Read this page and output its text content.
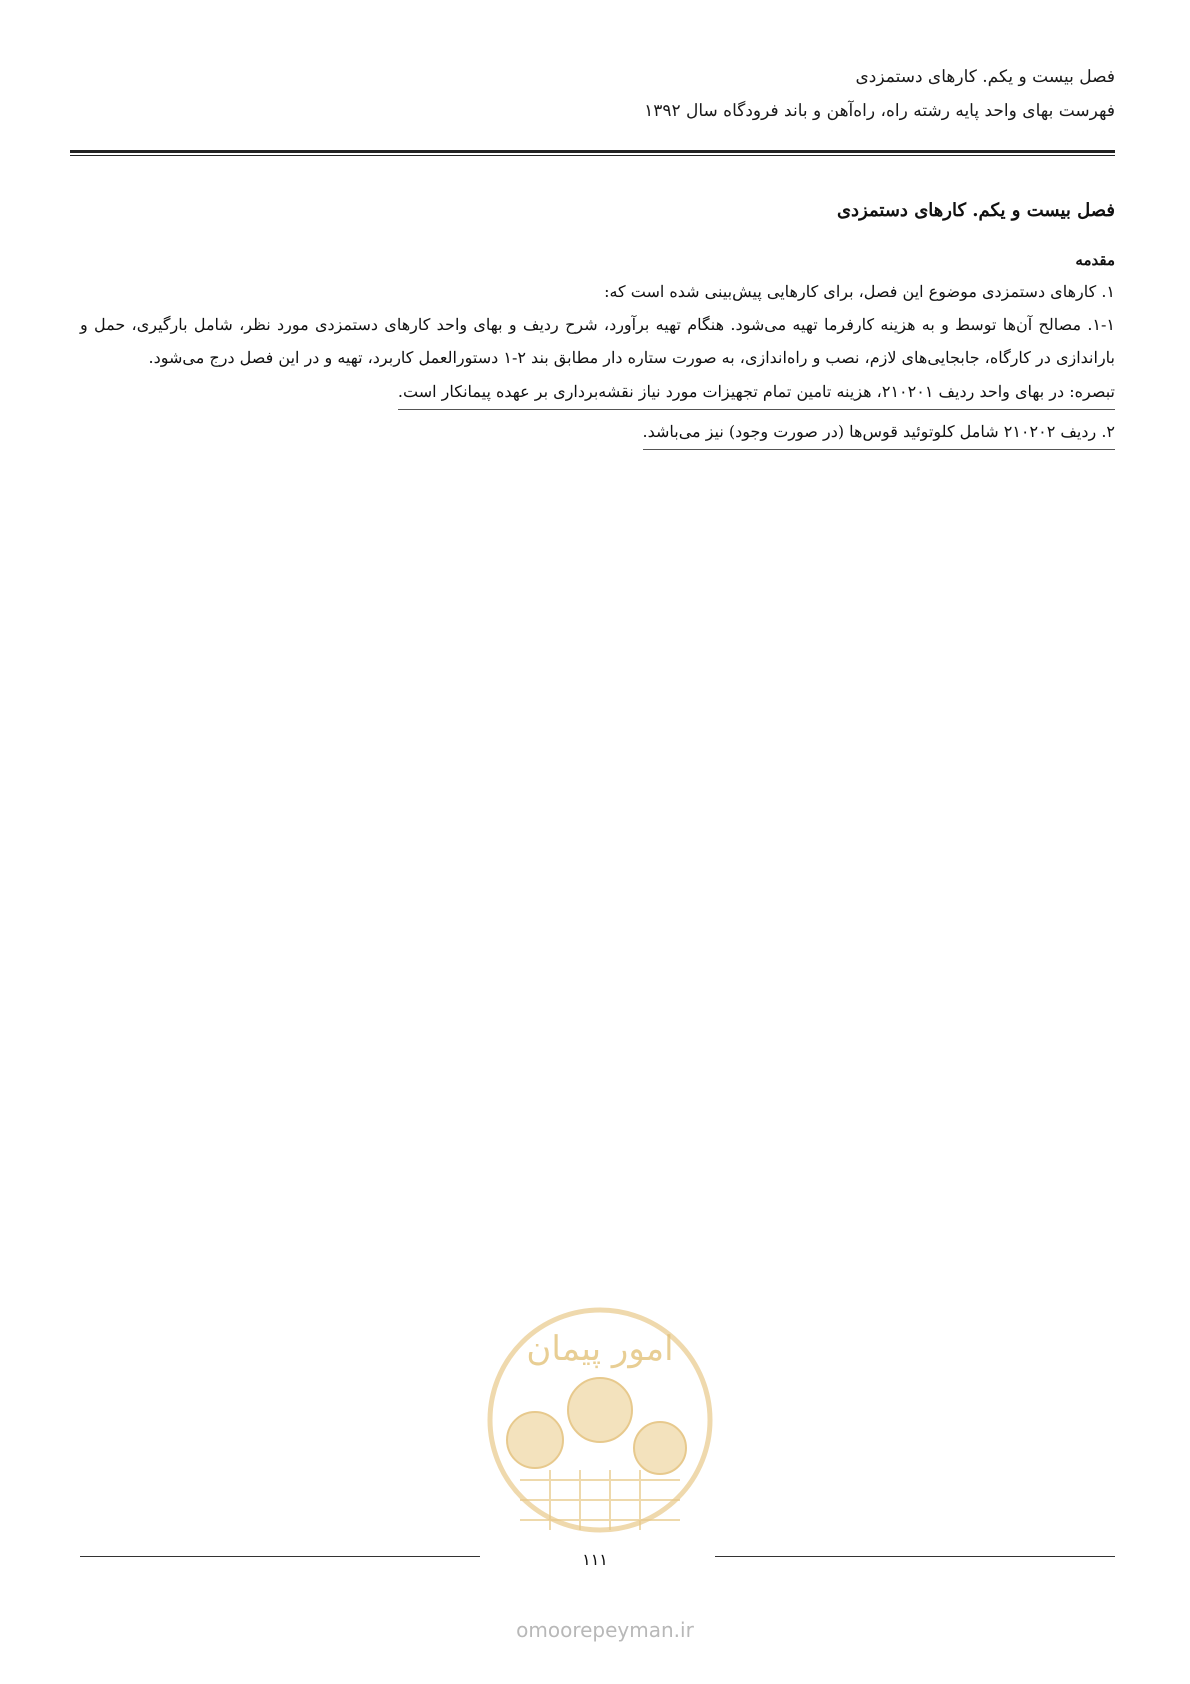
فصل بیست و یکم. کارهای دستمزدی
فهرست بهای واحد پایه رشته راه، راه‌آهن و باند فرودگاه سال ۱۳۹۲
فصل بیست و یکم. کارهای دستمزدی
مقدمه

۱. کارهای دستمزدی موضوع این فصل، برای کارهایی پیش‌بینی شده است که:

۱-۱. مصالح آن‌ها توسط و به هزینه کارفرما تهیه می‌شود. هنگام تهیه برآورد، شرح ردیف و بهای واحد کارهای دستمزدی مورد نظر، شامل بارگیری، حمل و باراندازی در کارگاه، جابجایی‌های لازم، نصب و راه‌اندازی، به صورت ستاره دار مطابق بند ۲-۱ دستورالعمل کاربرد، تهیه و در این فصل درج می‌شود.

تبصره: در بهای واحد ردیف ۲۱۰۲۰۱، هزینه تامین تمام تجهیزات مورد نیاز نقشه‌برداری بر عهده پیمانکار است.
۲. ردیف ۲۱۰۲۰۲ شامل کلوتوئید قوس‌ها (در صورت وجود) نیز می‌باشد.
امور پیمان
۱۱۱
omoorepeyman.ir
